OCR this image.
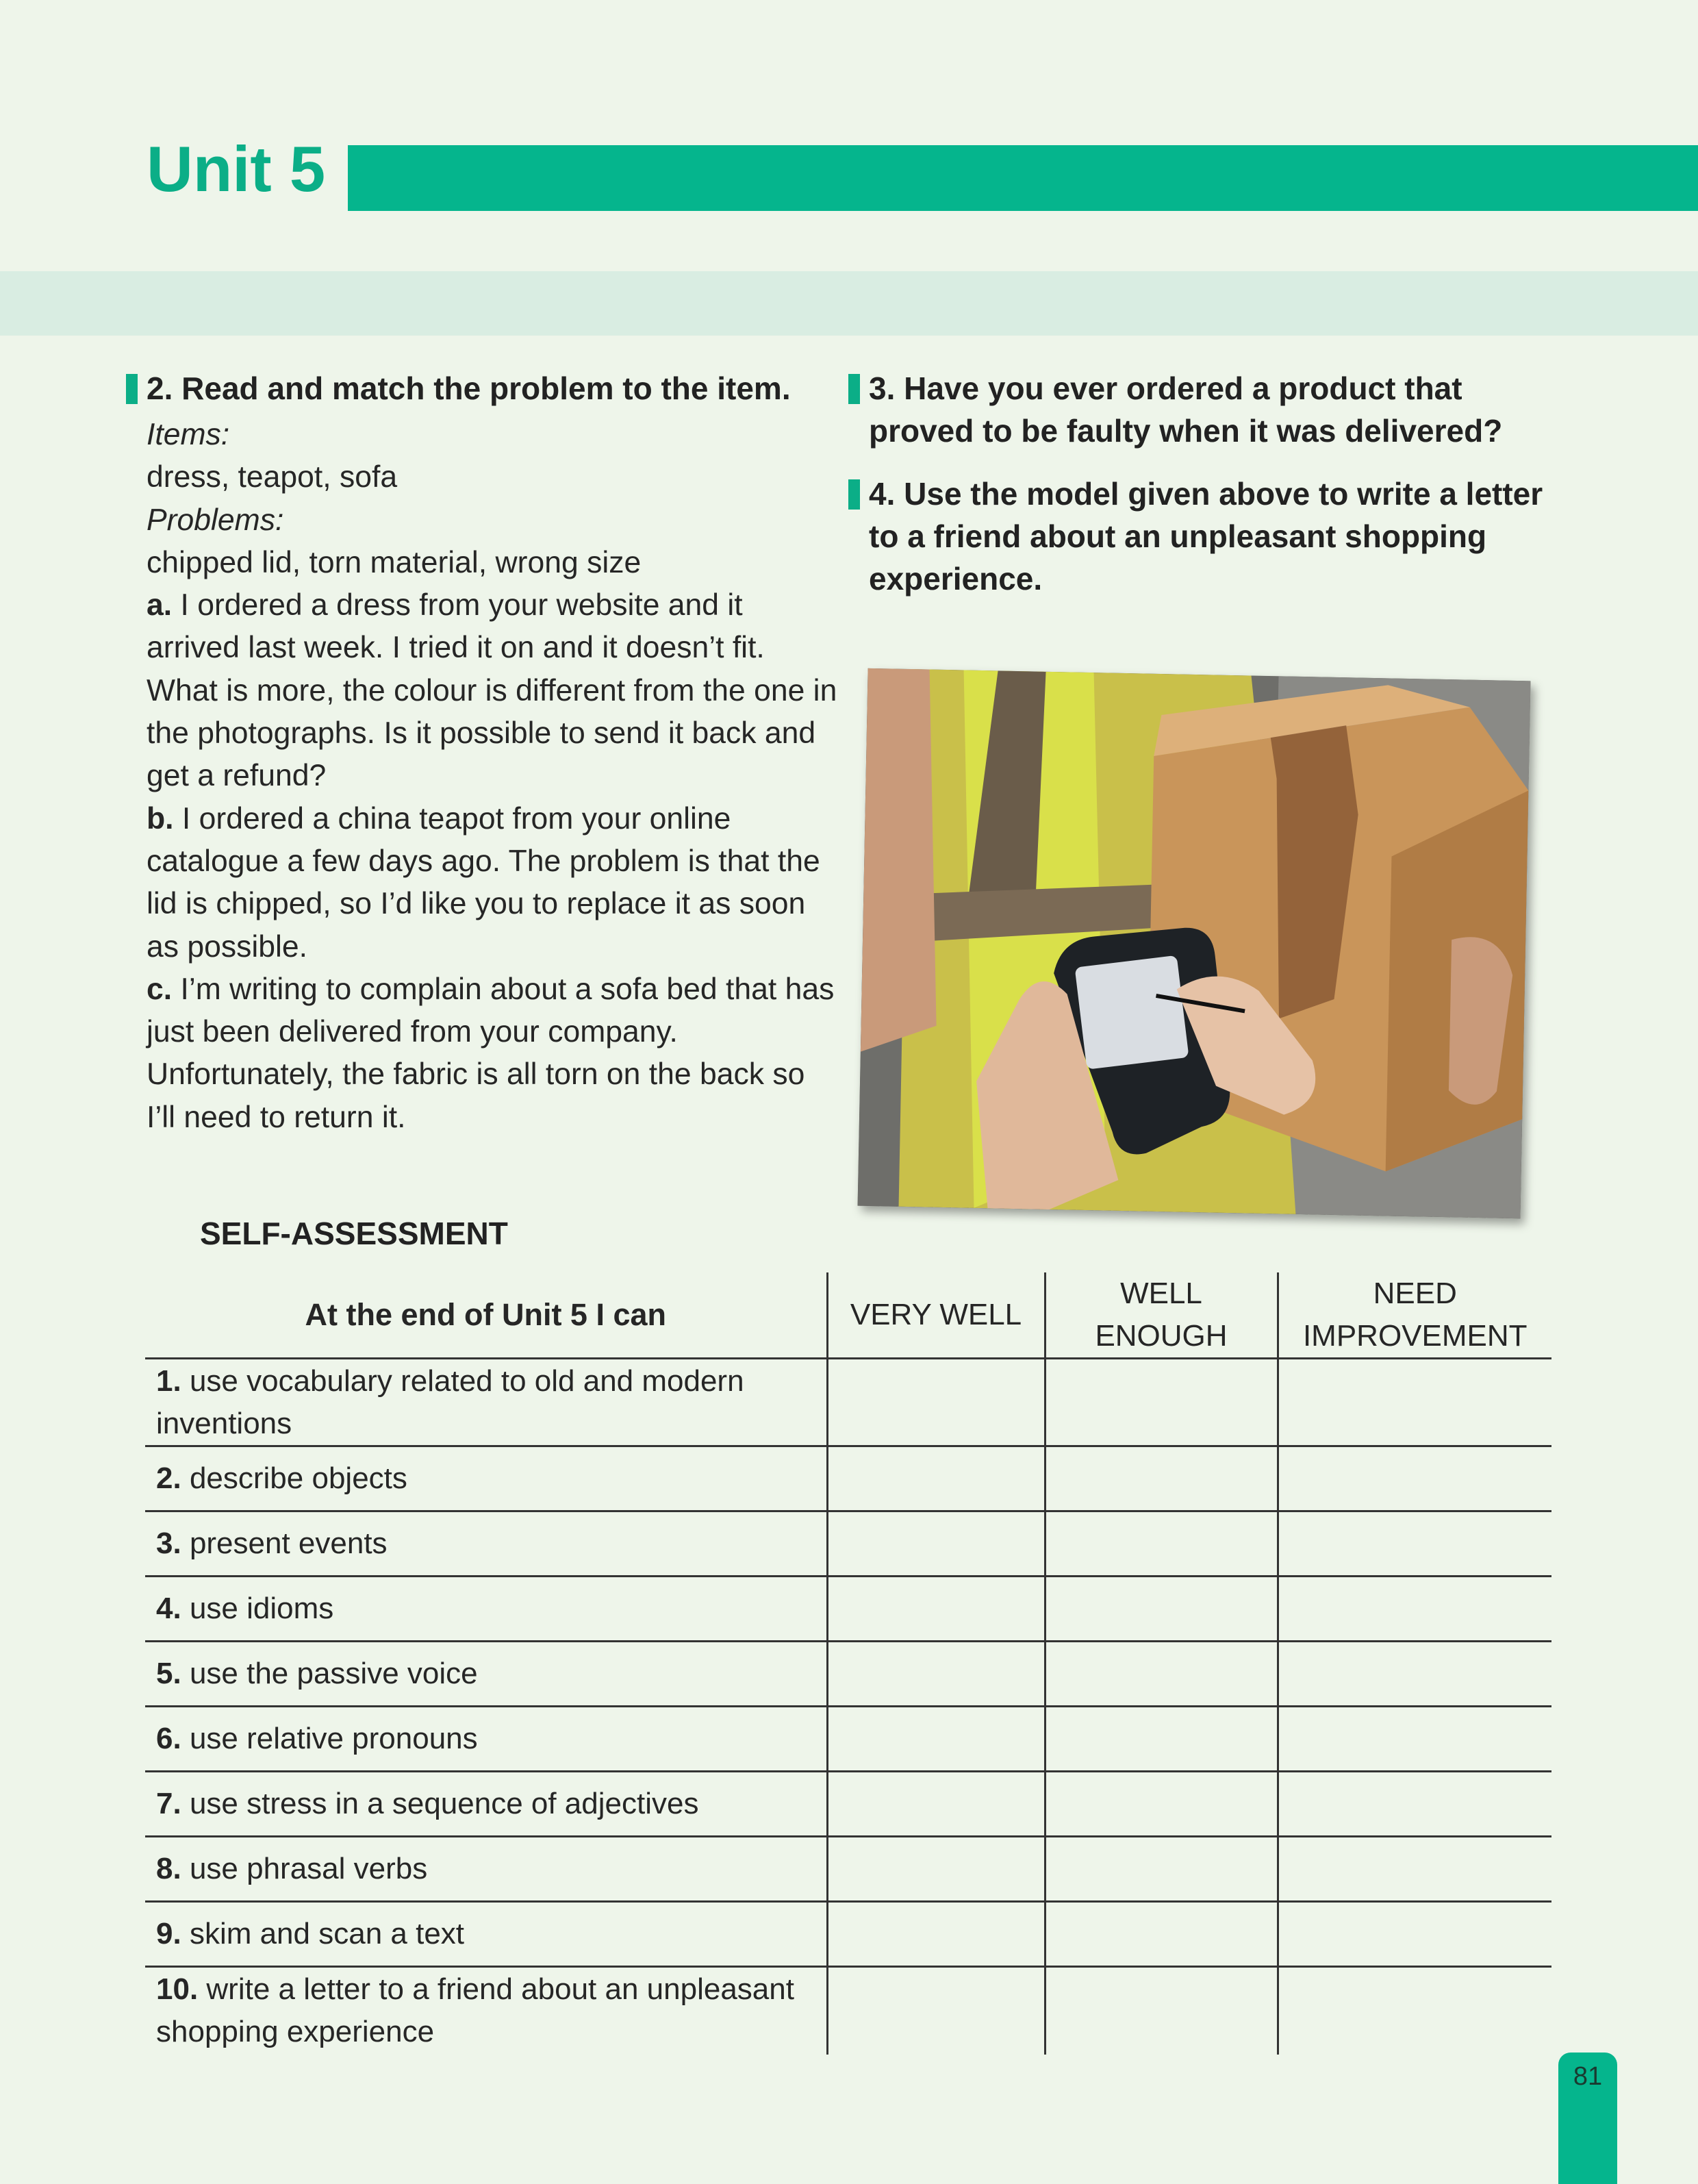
Unit 5
2. Read and match the problem to the item.
Items:
dress, teapot, sofa
Problems:
chipped lid, torn material, wrong size
a. I ordered a dress from your website and it arrived last week. I tried it on and it doesn’t fit. What is more, the colour is different from the one in the photographs. Is it possible to send it back and get a refund?
b. I ordered a china teapot from your online catalogue a few days ago. The problem is that the lid is chipped, so I’d like you to replace it as soon as possible.
c. I’m writing to complain about a sofa bed that has just been delivered from your company. Unfortunately, the fabric is all torn on the back so I’ll need to return it.
3. Have you ever ordered a product that proved to be faulty when it was delivered?
4. Use the model given above to write a letter to a friend about an unpleasant shopping experience.
SELF-ASSESSMENT
At the end of Unit 5 I can	VERY WELL	WELL ENOUGH	NEED IMPROVEMENT
1. use vocabulary related to old and modern inventions			
2. describe objects			
3. present events			
4. use idioms			
5. use the passive voice			
6. use relative pronouns			
7. use stress in a sequence of adjectives			
8. use phrasal verbs			
9. skim and scan a text			
10. write a letter to a friend about an unpleasant shopping experience			
81
